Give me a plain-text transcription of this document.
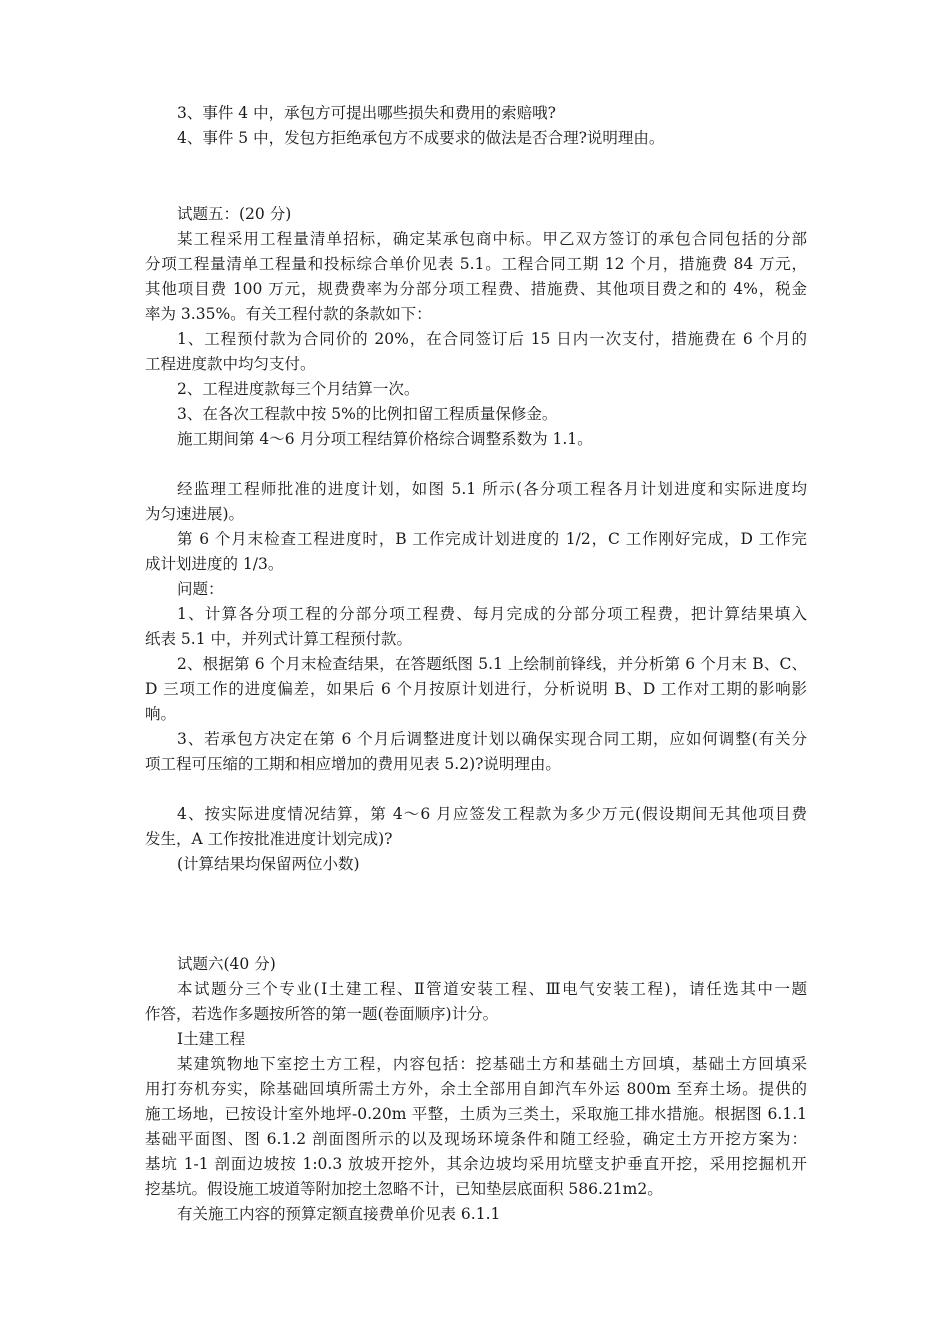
3、事件 4 中，承包方可提出哪些损失和费用的索赔哦?

4、事件 5 中，发包方拒绝承包方不成要求的做法是否合理?说明理由。

试题五：(20 分)

某工程采用工程量清单招标，确定某承包商中标。甲乙双方签订的承包合同包括的分部

分项工程量清单工程量和投标综合单价见表 5.1。工程合同工期 12 个月，措施费 84 万元，

其他项目费 100 万元，规费费率为分部分项工程费、措施费、其他项目费之和的 4%，税金

率为 3.35%。有关工程付款的条款如下：

1、工程预付款为合同价的 20%，在合同签订后 15 日内一次支付，措施费在 6 个月的

工程进度款中均匀支付。

2、工程进度款每三个月结算一次。

3、在各次工程款中按 5%的比例扣留工程质量保修金。

施工期间第 4～6 月分项工程结算价格综合调整系数为 1.1。

经监理工程师批准的进度计划，如图 5.1 所示(各分项工程各月计划进度和实际进度均

为匀速进展)。

第 6 个月末检查工程进度时，B 工作完成计划进度的 1/2，C 工作刚好完成，D 工作完

成计划进度的 1/3。

问题：

1、计算各分项工程的分部分项工程费、每月完成的分部分项工程费，把计算结果填入

纸表 5.1 中，并列式计算工程预付款。

2、根据第 6 个月末检查结果，在答题纸图 5.1 上绘制前锋线，并分析第 6 个月末 B、C、

D 三项工作的进度偏差，如果后 6 个月按原计划进行，分析说明 B、D 工作对工期的影响影

响。

3、若承包方决定在第 6 个月后调整进度计划以确保实现合同工期，应如何调整(有关分

项工程可压缩的工期和相应增加的费用见表 5.2)?说明理由。

4、按实际进度情况结算，第 4～6 月应签发工程款为多少万元(假设期间无其他项目费

发生，A 工作按批准进度计划完成)?

(计算结果均保留两位小数)

试题六(40 分)

本试题分三个专业(Ⅰ土建工程、Ⅱ管道安装工程、Ⅲ电气安装工程)，请任选其中一题

作答，若选作多题按所答的第一题(卷面顺序)计分。

Ⅰ土建工程

某建筑物地下室挖土方工程，内容包括：挖基础土方和基础土方回填，基础土方回填采

用打夯机夯实，除基础回填所需土方外，余土全部用自卸汽车外运 800m 至弃土场。提供的

施工场地，已按设计室外地坪-0.20m 平整，土质为三类土，采取施工排水措施。根据图 6.1.1

基础平面图、图 6.1.2 剖面图所示的以及现场环境条件和随工经验，确定土方开挖方案为：

基坑 1-1 剖面边坡按 1:0.3 放坡开挖外，其余边坡均采用坑壁支护垂直开挖，采用挖掘机开

挖基坑。假设施工坡道等附加挖土忽略不计，已知垫层底面积 586.21m2。

有关施工内容的预算定额直接费单价见表 6.1.1
